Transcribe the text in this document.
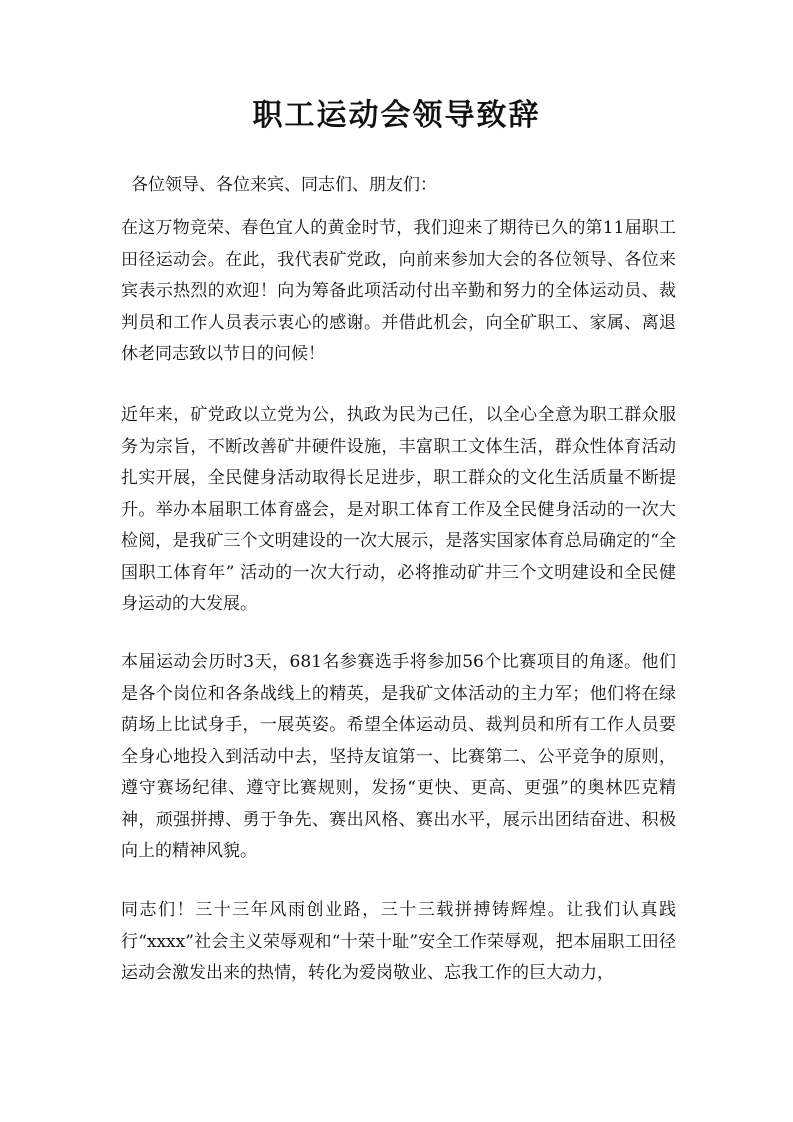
职工运动会领导致辞
各位领导、各位来宾、同志们、朋友们：
在这万物竞荣、春色宜人的黄金时节，我们迎来了期待已久的第11届职工田径运动会。在此，我代表矿党政，向前来参加大会的各位领导、各位来宾表示热烈的欢迎！向为筹备此项活动付出辛勤和努力的全体运动员、裁判员和工作人员表示衷心的感谢。并借此机会，向全矿职工、家属、离退休老同志致以节日的问候！
近年来，矿党政以立党为公，执政为民为己任，以全心全意为职工群众服务为宗旨，不断改善矿井硬件设施，丰富职工文体生活，群众性体育活动扎实开展，全民健身活动取得长足进步，职工群众的文化生活质量不断提升。举办本届职工体育盛会，是对职工体育工作及全民健身活动的一次大检阅，是我矿三个文明建设的一次大展示，是落实国家体育总局确定的“全国职工体育年” 活动的一次大行动，必将推动矿井三个文明建设和全民健身运动的大发展。
本届运动会历时3天，681名参赛选手将参加56个比赛项目的角逐。他们是各个岗位和各条战线上的精英，是我矿文体活动的主力军；他们将在绿荫场上比试身手，一展英姿。希望全体运动员、裁判员和所有工作人员要全身心地投入到活动中去，坚持友谊第一、比赛第二、公平竞争的原则，遵守赛场纪律、遵守比赛规则，发扬“更快、更高、更强”的奥林匹克精神，顽强拼搏、勇于争先、赛出风格、赛出水平，展示出团结奋进、积极向上的精神风貌。
同志们！三十三年风雨创业路，三十三载拼搏铸辉煌。让我们认真践行“xxxx”社会主义荣辱观和“十荣十耻”安全工作荣辱观，把本届职工田径运动会激发出来的热情，转化为爱岗敬业、忘我工作的巨大动力，
